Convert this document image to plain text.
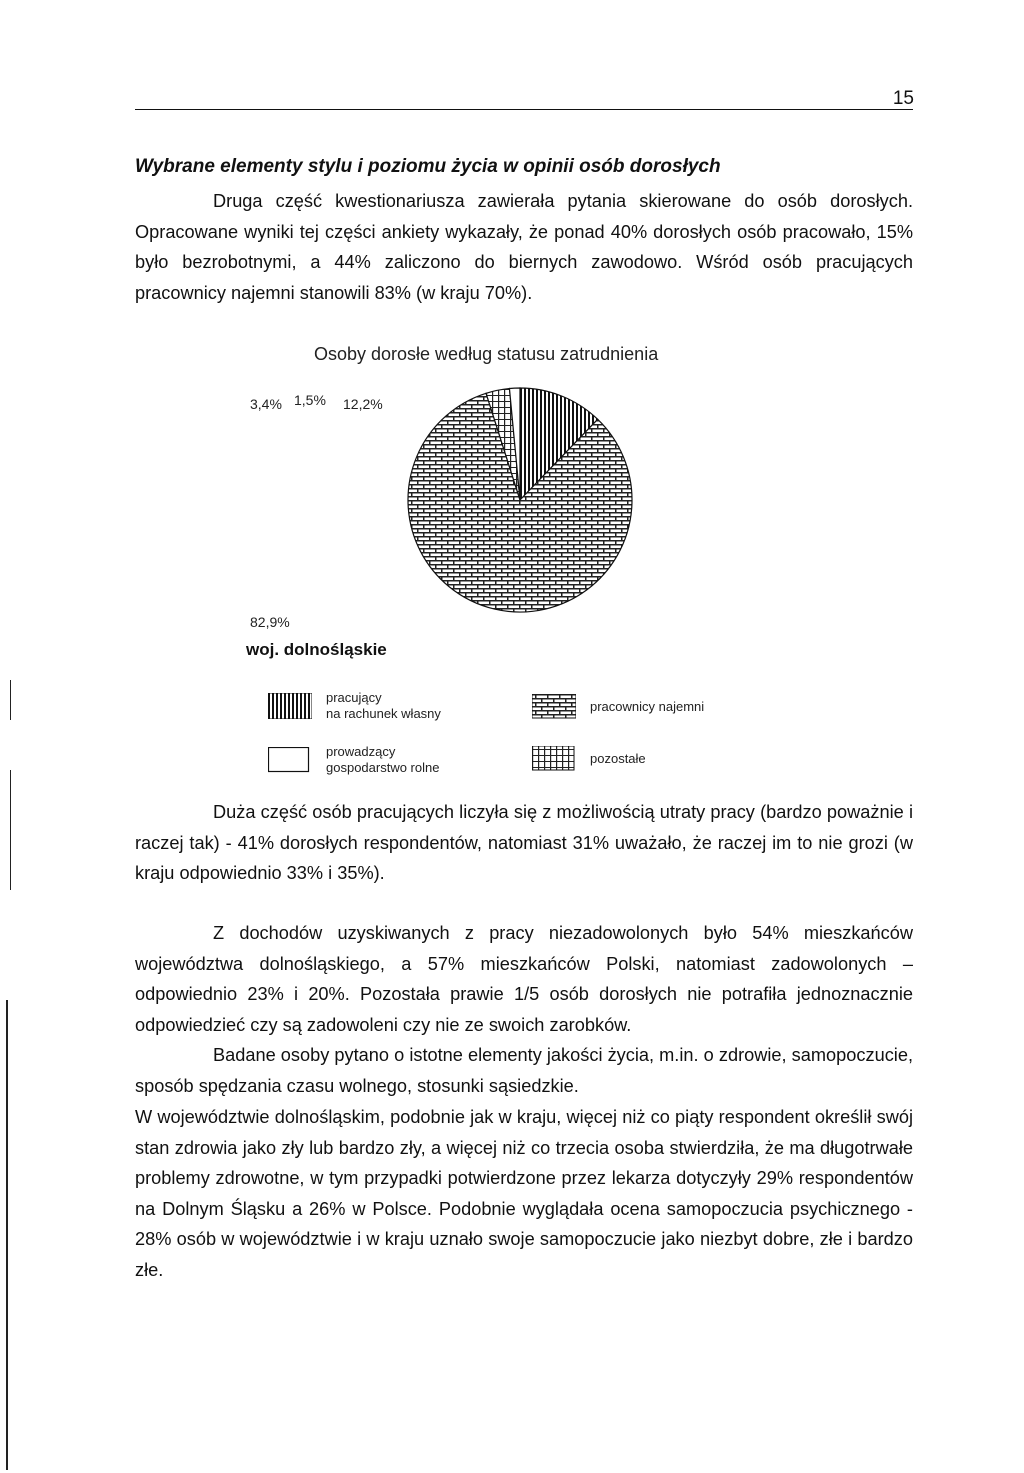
15
Wybrane elementy stylu i poziomu życia w opinii osób dorosłych

Druga część kwestionariusza zawierała pytania skierowane do osób dorosłych. Opracowane wyniki tej części ankiety wykazały, że ponad 40% dorosłych osób pracowało, 15% było bezrobotnymi, a 44% zaliczono do biernych zawodowo. Wśród osób pracujących pracownicy najemni stanowili 83% (w kraju 70%).

Osoby dorosłe według statusu zatrudnienia
3,4% 1,5% 12,2%
82,9%
woj. dolnośląskie
pracujący
na rachunek własny
prowadzący
gospodarstwo rolne
pracownicy najemni
pozostałe

Duża część osób pracujących liczyła się z możliwością utraty pracy (bardzo poważnie i raczej tak) - 41% dorosłych respondentów, natomiast 31% uważało, że raczej im to nie grozi (w kraju odpowiednio 33% i 35%).

Z dochodów uzyskiwanych z pracy niezadowolonych było 54% mieszkańców województwa dolnośląskiego, a 57% mieszkańców Polski, natomiast zadowolonych – odpowiednio 23% i 20%. Pozostała prawie 1/5 osób dorosłych nie potrafiła jednoznacznie odpowiedzieć czy są zadowoleni czy nie ze swoich zarobków.

Badane osoby pytano o istotne elementy jakości życia, m.in. o zdrowie, samopoczucie, sposób spędzania czasu wolnego, stosunki sąsiedzkie.

W województwie dolnośląskim, podobnie jak w kraju, więcej niż co piąty respondent określił swój stan zdrowia jako zły lub bardzo zły, a więcej niż co trzecia osoba stwierdziła, że ma długotrwałe problemy zdrowotne, w tym przypadki potwierdzone przez lekarza dotyczyły 29% respondentów na Dolnym Śląsku a 26% w Polsce. Podobnie wyglądała ocena samopoczucia psychicznego - 28% osób w województwie i w kraju uznało swoje samopoczucie jako niezbyt dobre, złe i bardzo złe.
